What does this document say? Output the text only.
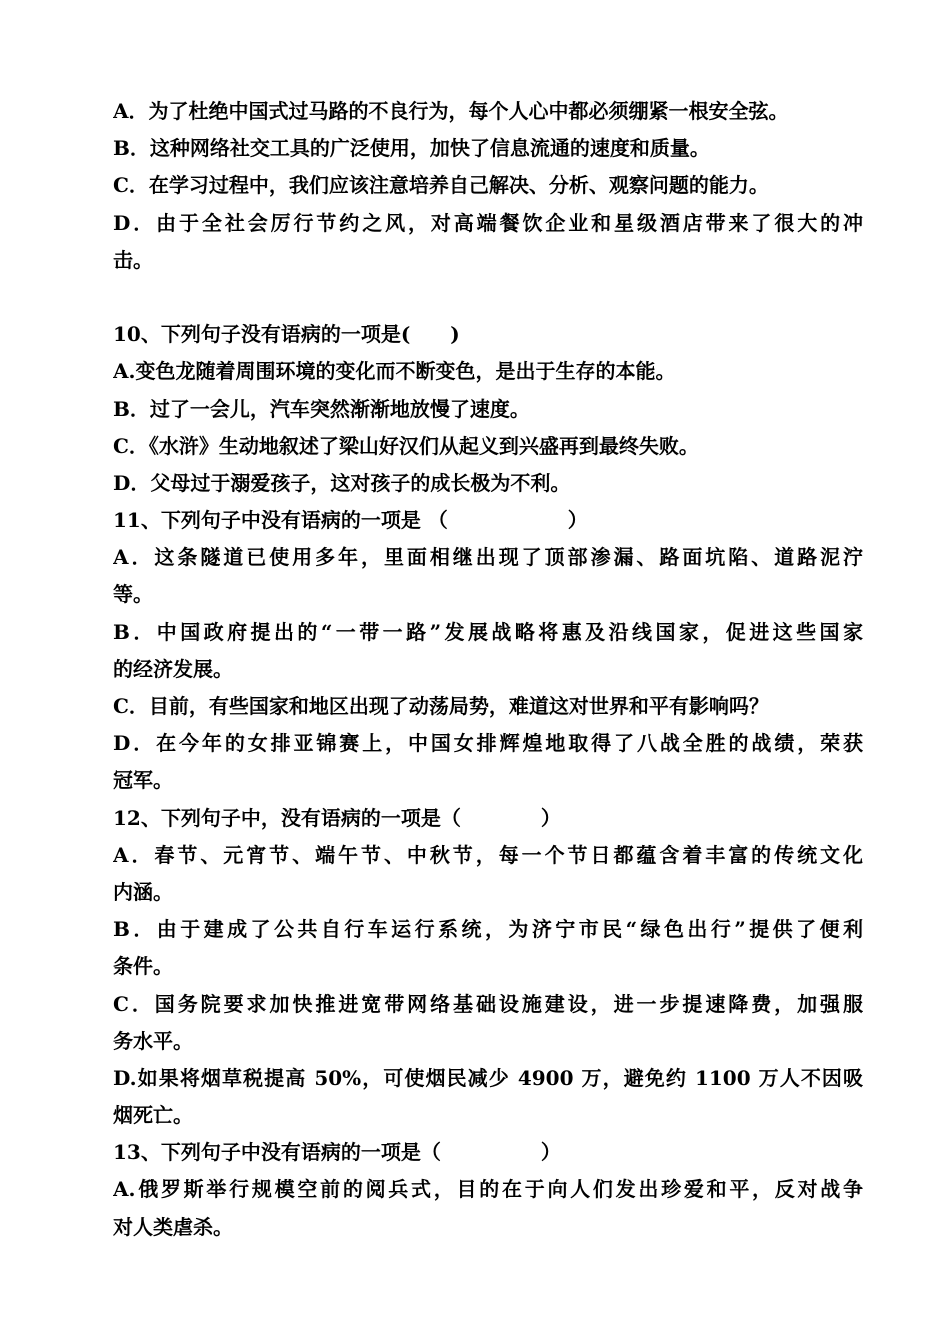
A．为了杜绝中国式过马路的不良行为，每个人心中都必须绷紧一根安全弦。
B．这种网络社交工具的广泛使用，加快了信息流通的速度和质量。
C．在学习过程中，我们应该注意培养自己解决、分析、观察问题的能力。
D．由于全社会厉行节约之风，对高端餐饮企业和星级酒店带来了很大的冲
击。
10、下列句子没有语病的一项是(　　)
A.变色龙随着周围环境的变化而不断变色，是出于生存的本能。
B．过了一会儿，汽车突然渐渐地放慢了速度。
C．《水浒》生动地叙述了梁山好汉们从起义到兴盛再到最终失败。
D．父母过于溺爱孩子，这对孩子的成长极为不利。
11、下列句子中没有语病的一项是 （　　　　　　）
A．这条隧道已使用多年，里面相继出现了顶部渗漏、路面坑陷、道路泥泞
等。
B．中国政府提出的“一带一路”发展战略将惠及沿线国家，促进这些国家
的经济发展。
C．目前，有些国家和地区出现了动荡局势，难道这对世界和平有影响吗？
D．在今年的女排亚锦赛上，中国女排辉煌地取得了八战全胜的战绩，荣获
冠军。
12、下列句子中，没有语病的一项是（　　　　）
A．春节、元宵节、端午节、中秋节，每一个节日都蕴含着丰富的传统文化
内涵。
B．由于建成了公共自行车运行系统，为济宁市民“绿色出行”提供了便利
条件。
C．国务院要求加快推进宽带网络基础设施建设，进一步提速降费，加强服
务水平。
D.如果将烟草税提高 50%，可使烟民减少 4900 万，避免约 1100 万人不因吸
烟死亡。
13、下列句子中没有语病的一项是（　　　　　）
A.俄罗斯举行规模空前的阅兵式，目的在于向人们发出珍爱和平，反对战争
对人类虐杀。
